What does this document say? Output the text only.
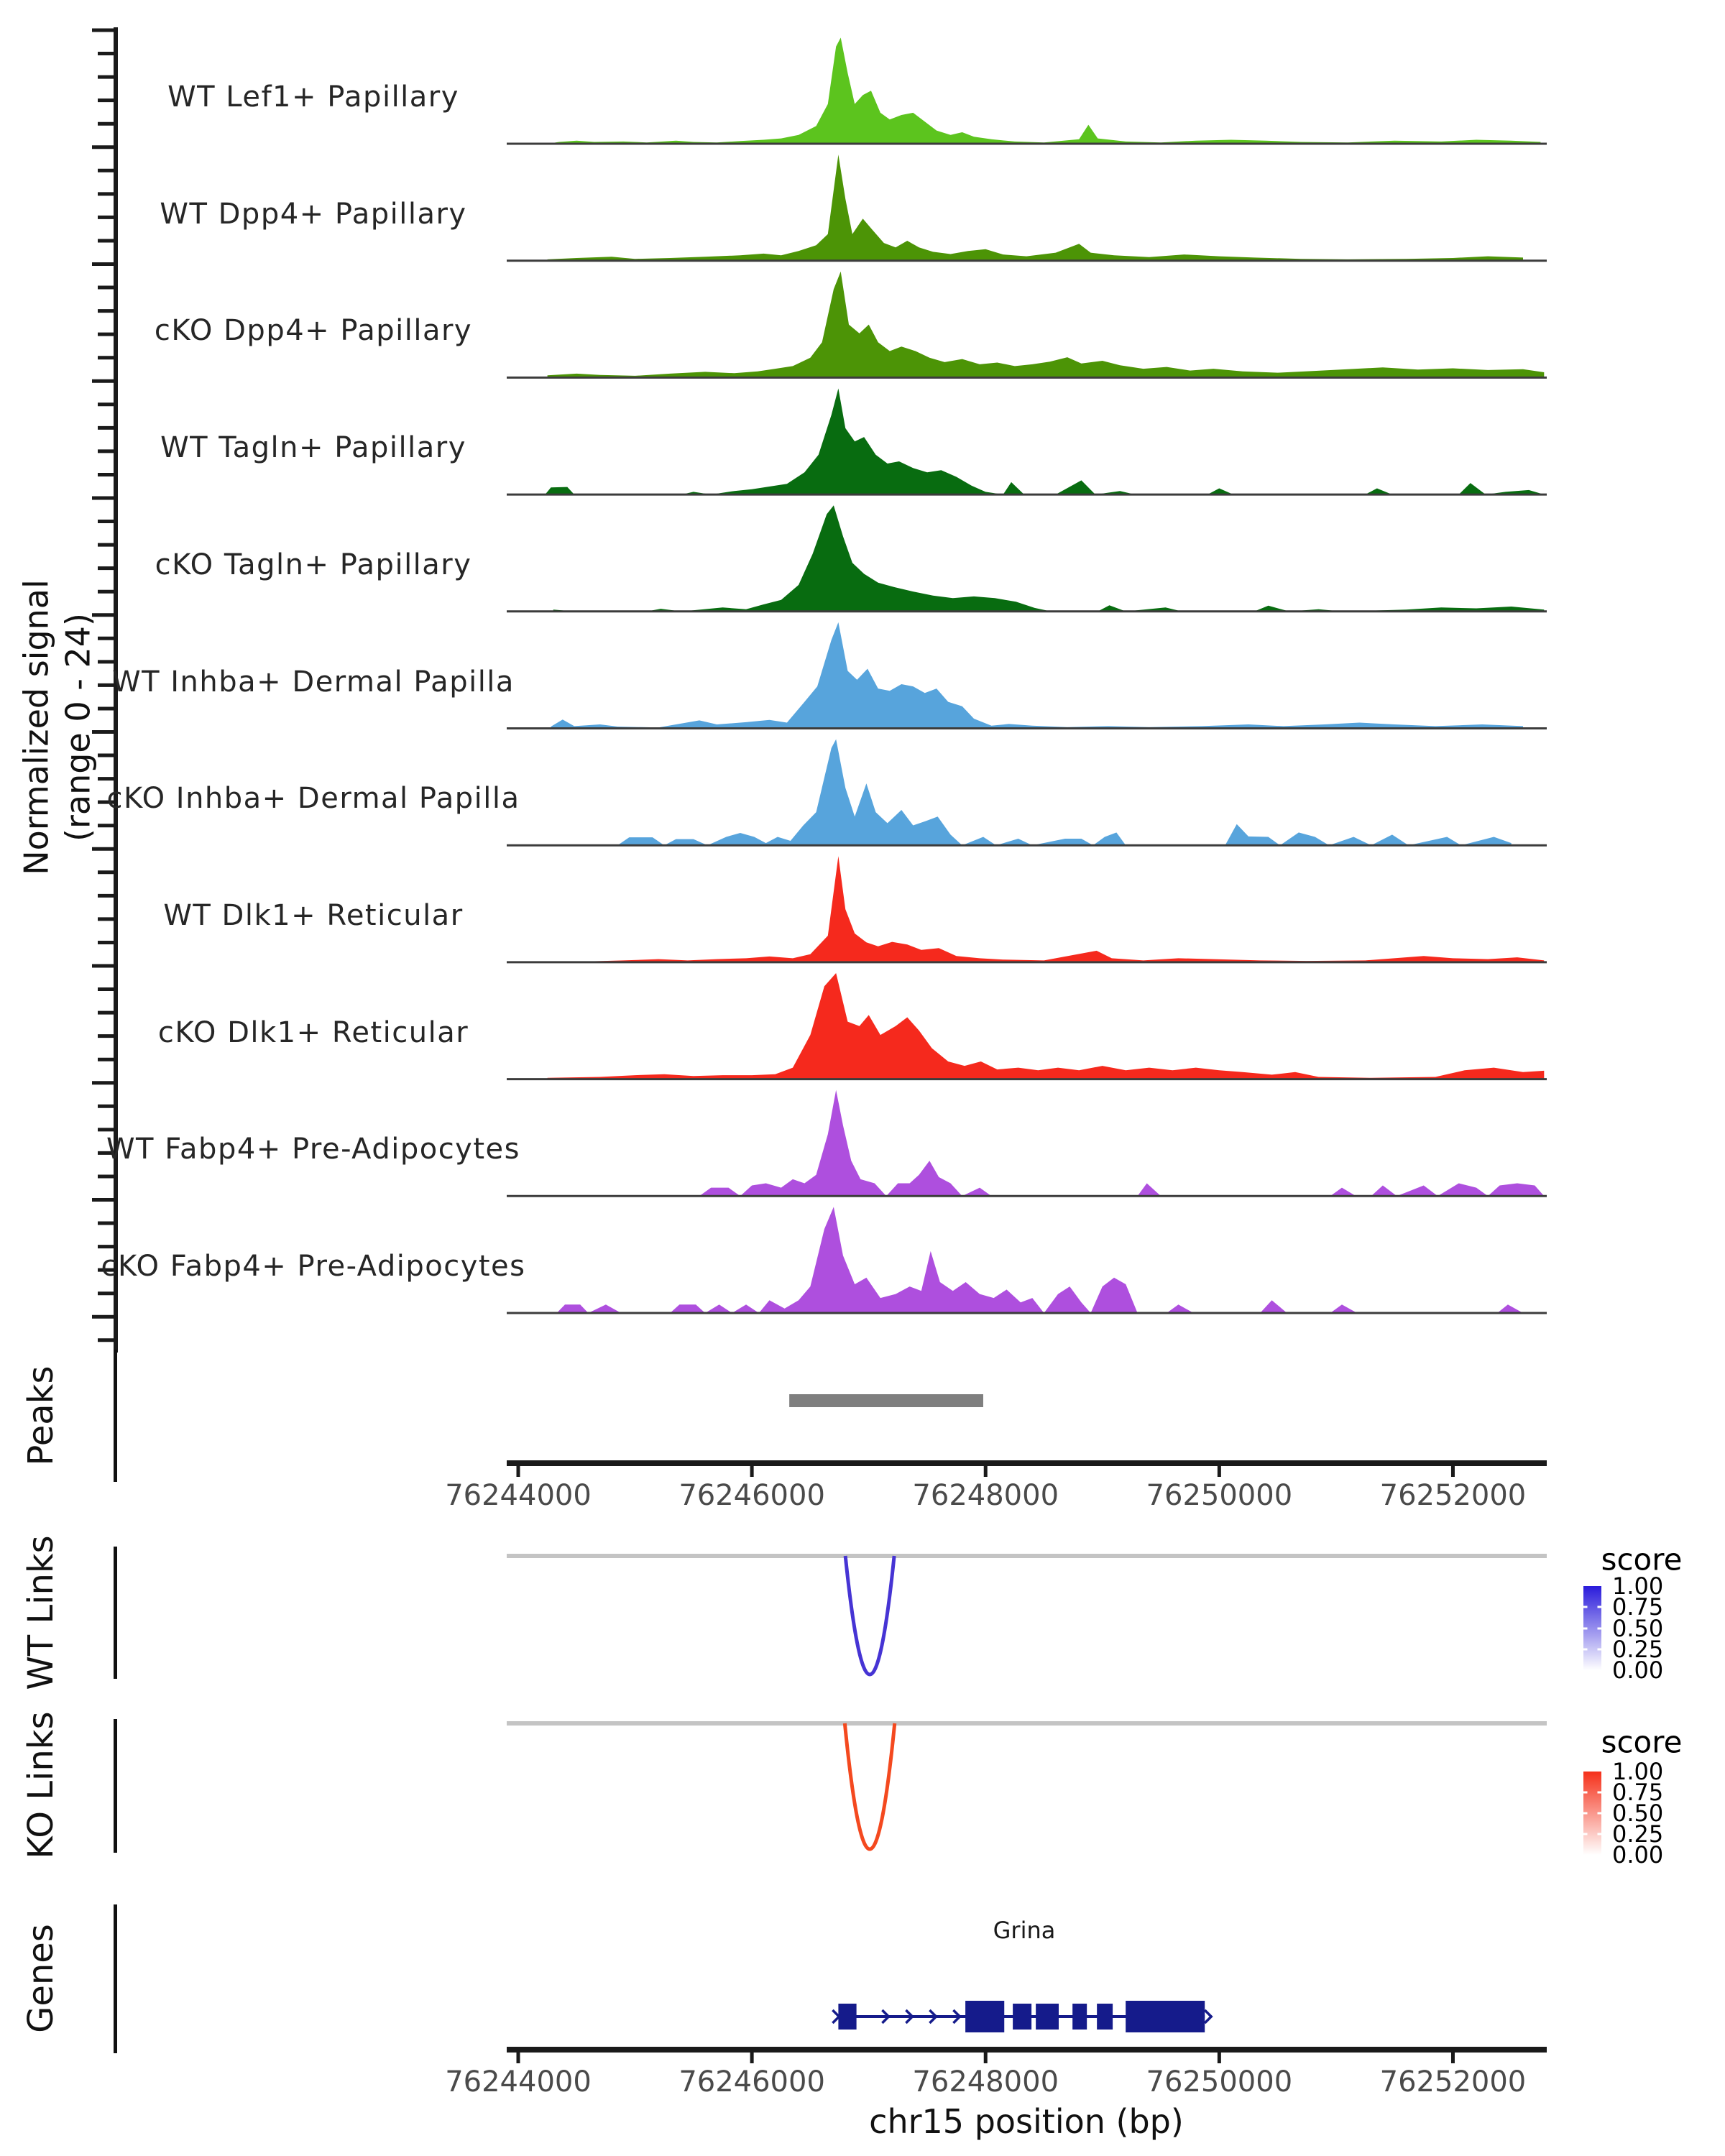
Normalized signal (range 0 - 24)
Peaks
WT Links
KO Links
Genes
score
score
Grina
chr15 position (bp)
WT Lef1+ Papillary
WT Dpp4+ Papillary
cKO Dpp4+ Papillary
WT Tagln+ Papillary
cKO Tagln+ Papillary
WT Inhba+ Dermal Papilla
cKO Inhba+ Dermal Papilla
WT Dlk1+ Reticular
cKO Dlk1+ Reticular
WT Fabp4+ Pre-Adipocytes
cKO Fabp4+ Pre-Adipocytes
76244000	76246000	76248000	76250000	76252000
76244000	76246000	76248000	76250000	76252000
1.00
0.75
0.50
0.25
0.00
1.00
0.75
0.50
0.25
0.00
